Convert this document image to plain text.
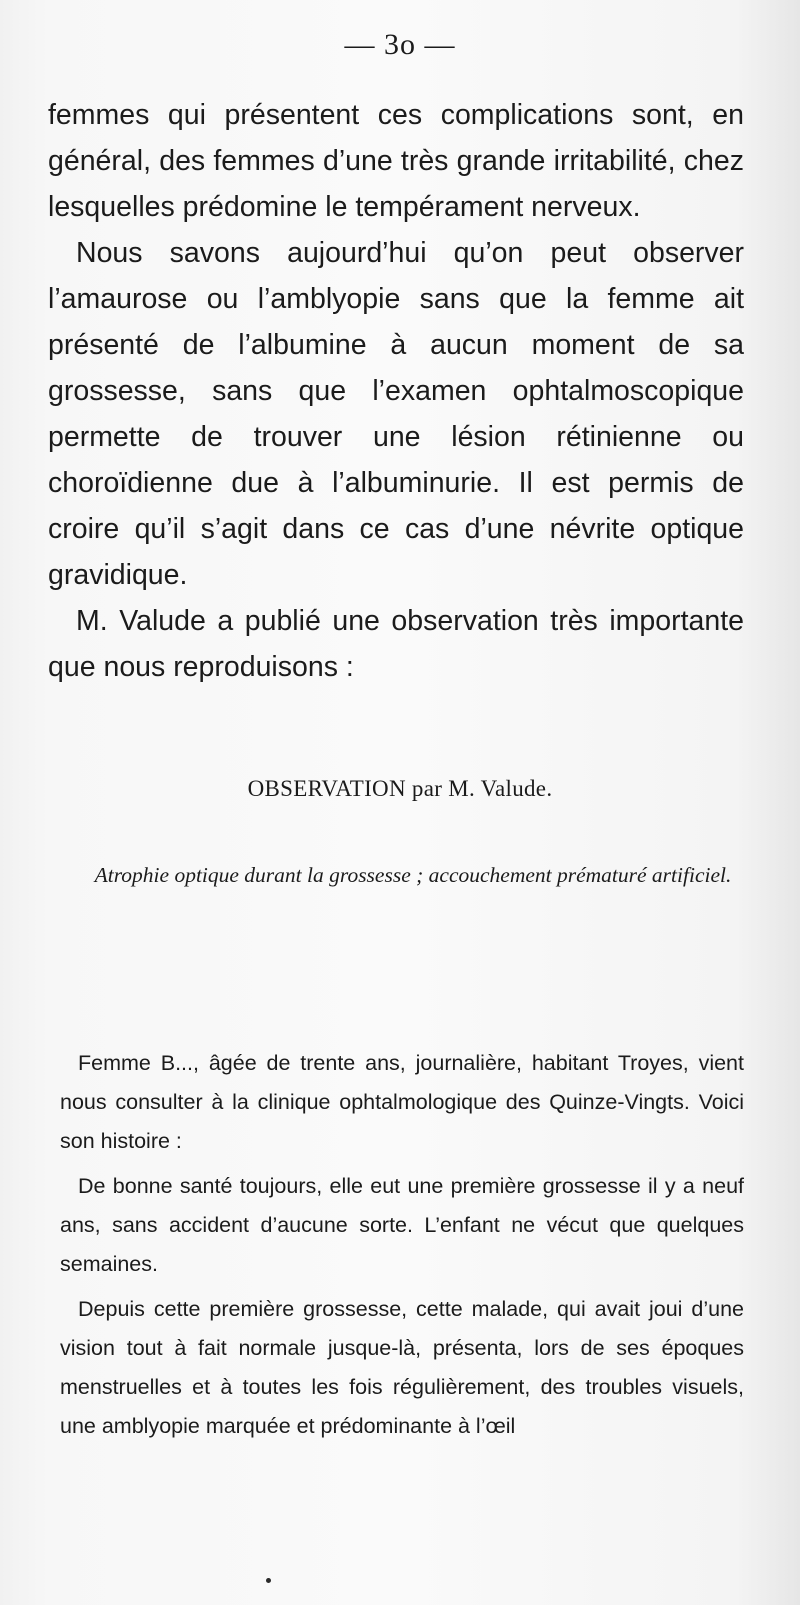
— 3o —

femmes qui présentent ces complications sont, en général, des femmes d’une très grande irritabilité, chez lesquelles prédomine le tempérament nerveux.

Nous savons aujourd’hui qu’on peut observer l’amaurose ou l’amblyopie sans que la femme ait présenté de l’albumine à aucun moment de sa grossesse, sans que l’examen ophtalmoscopique permette de trouver une lésion rétinienne ou choroïdienne due à l’albuminurie. Il est permis de croire qu’il s’agit dans ce cas d’une névrite optique gravidique.

M. Valude a publié une observation très importante que nous reproduisons :

OBSERVATION par M. Valude.
Atrophie optique durant la grossesse ; accouchement prématuré artificiel.

Femme B..., âgée de trente ans, journalière, habitant Troyes, vient nous consulter à la clinique ophtalmologique des Quinze-Vingts. Voici son histoire :

De bonne santé toujours, elle eut une première grossesse il y a neuf ans, sans accident d’aucune sorte. L’enfant ne vécut que quelques semaines.

Depuis cette première grossesse, cette malade, qui avait joui d’une vision tout à fait normale jusque-là, présenta, lors de ses époques menstruelles et à toutes les fois régulièrement, des troubles visuels, une amblyopie marquée et prédominante à l’œil
